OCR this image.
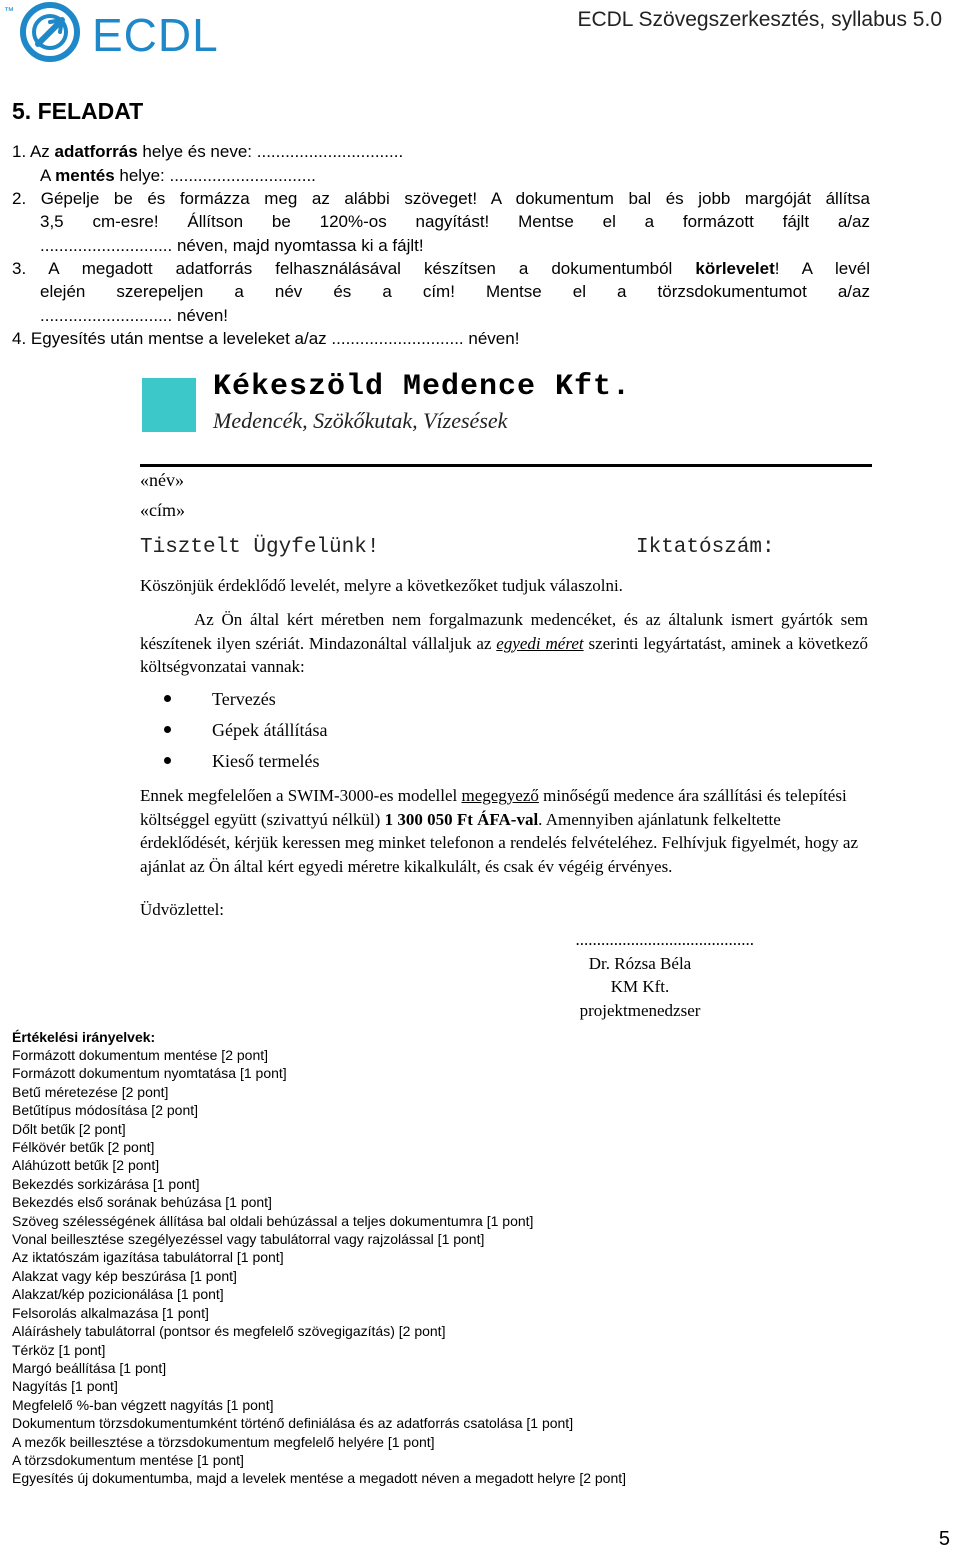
™ ECDL	ECDL Szövegszerkesztés, syllabus 5.0
5. FELADAT
1. Az adatforrás helye és neve: ...............................
A mentés helye: ...............................
2. Gépelje be és formázza meg az alábbi szöveget! A dokumentum bal és jobb margóját állítsa
3,5 cm-esre! Állítson be 120%-os nagyítást! Mentse el a formázott fájlt a/az
............................ néven, majd nyomtassa ki a fájlt!
3. A megadott adatforrás felhasználásával készítsen a dokumentumból körlevelet! A levél
elején szerepeljen a név és a cím! Mentse el a törzsdokumentumot a/az
............................ néven!
4. Egyesítés után mentse a leveleket a/az ............................ néven!
Kékeszöld Medence Kft.
Medencék, Szökőkutak, Vízesések
«név»
«cím»
Tisztelt Ügyfelünk!	Iktatószám:
Köszönjük érdeklődő levelét, melyre a következőket tudjuk válaszolni.
Az Ön által kért méretben nem forgalmazunk medencéket, és az általunk ismert gyártók sem készítenek ilyen szériát. Mindazonáltal vállaljuk az egyedi méret szerinti legyártatást, aminek a következő költségvonzatai vannak:
Tervezés
Gépek átállítása
Kieső termelés
Ennek megfelelően a SWIM-3000-es modellel megegyező minőségű medence ára szállítási és telepítési költséggel együtt (szivattyú nélkül) 1 300 050 Ft ÁFA-val. Amennyiben ajánlatunk felkeltette érdeklődését, kérjük keressen meg minket telefonon a rendelés felvételéhez. Felhívjuk figyelmét, hogy az ajánlat az Ön által kért egyedi méretre kikalkulált, és csak év végéig érvényes.
Üdvözlettel:
..........................................
Dr. Rózsa Béla
KM Kft.
projektmenedzser
Értékelési irányelvek:
Formázott dokumentum mentése [2 pont]
Formázott dokumentum nyomtatása [1 pont]
Betű méretezése [2 pont]
Betűtípus módosítása [2 pont]
Dőlt betűk [2 pont]
Félkövér betűk [2 pont]
Aláhúzott betűk [2 pont]
Bekezdés sorkizárása [1 pont]
Bekezdés első sorának behúzása [1 pont]
Szöveg szélességének állítása bal oldali behúzással a teljes dokumentumra [1 pont]
Vonal beillesztése szegélyezéssel vagy tabulátorral vagy rajzolással [1 pont]
Az iktatószám igazítása tabulátorral [1 pont]
Alakzat vagy kép beszúrása [1 pont]
Alakzat/kép pozicionálása [1 pont]
Felsorolás alkalmazása [1 pont]
Aláíráshely tabulátorral (pontsor és megfelelő szövegigazítás) [2 pont]
Térköz [1 pont]
Margó beállítása [1 pont]
Nagyítás [1 pont]
Megfelelő %-ban végzett nagyítás [1 pont]
Dokumentum törzsdokumentumként történő definiálása és az adatforrás csatolása [1 pont]
A mezők beillesztése a törzsdokumentum megfelelő helyére [1 pont]
A törzsdokumentum mentése [1 pont]
Egyesítés új dokumentumba, majd a levelek mentése a megadott néven a megadott helyre [2 pont]
5
